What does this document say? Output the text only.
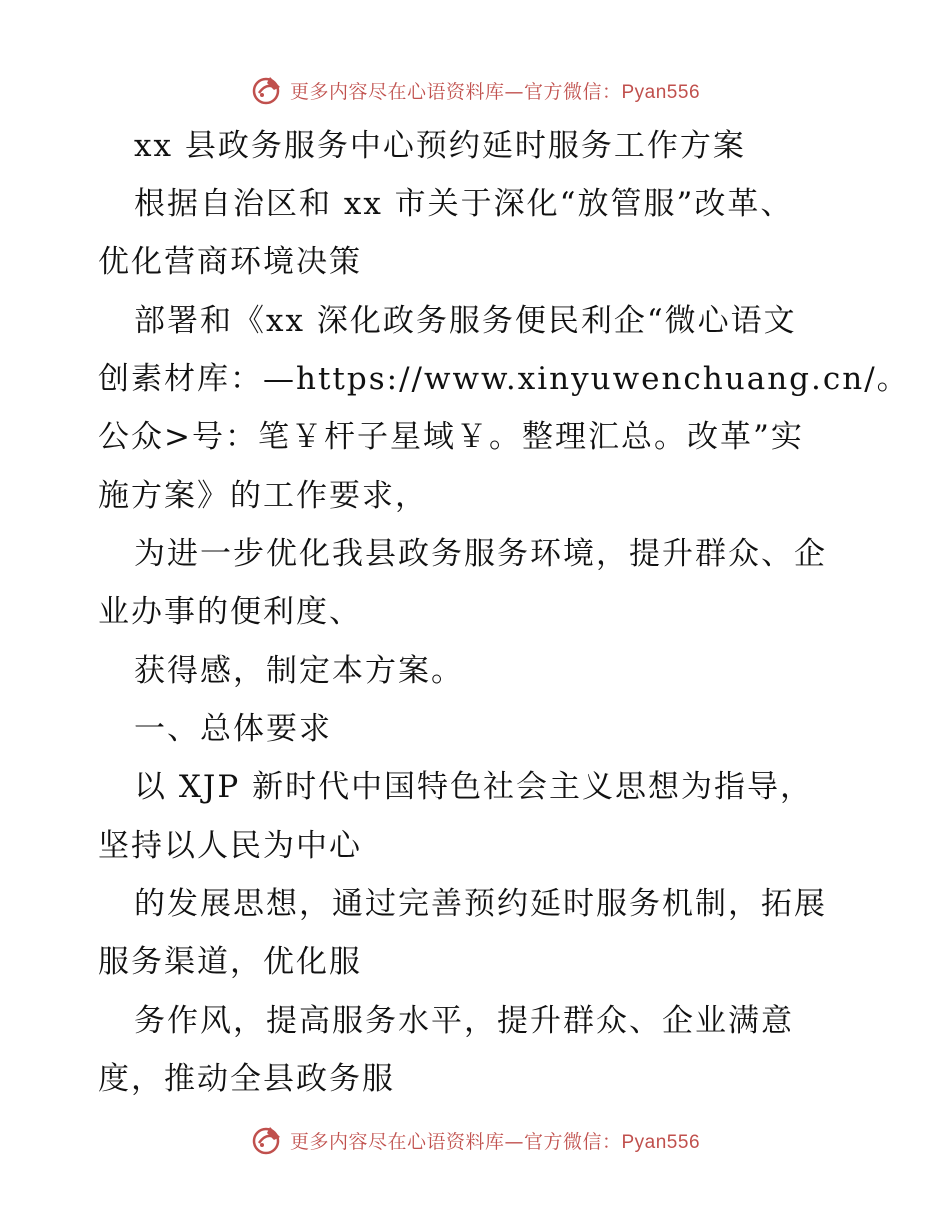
更多内容尽在心语资料库—官方微信：Pyan556
xx 县政务服务中心预约延时服务工作方案
根据自治区和 xx 市关于深化“放管服”改革、
优化营商环境决策
部署和《xx 深化政务服务便民利企“微心语文
创素材库：—https://www.xinyuwenchuang.cn/。
公众>号：笔￥杆子星域￥。整理汇总。改革”实
施方案》的工作要求，
为进一步优化我县政务服务环境，提升群众、企
业办事的便利度、
获得感，制定本方案。
一、总体要求
以 XJP 新时代中国特色社会主义思想为指导，
坚持以人民为中心
的发展思想，通过完善预约延时服务机制，拓展
服务渠道，优化服
务作风，提高服务水平，提升群众、企业满意
度，推动全县政务服
更多内容尽在心语资料库—官方微信：Pyan556
